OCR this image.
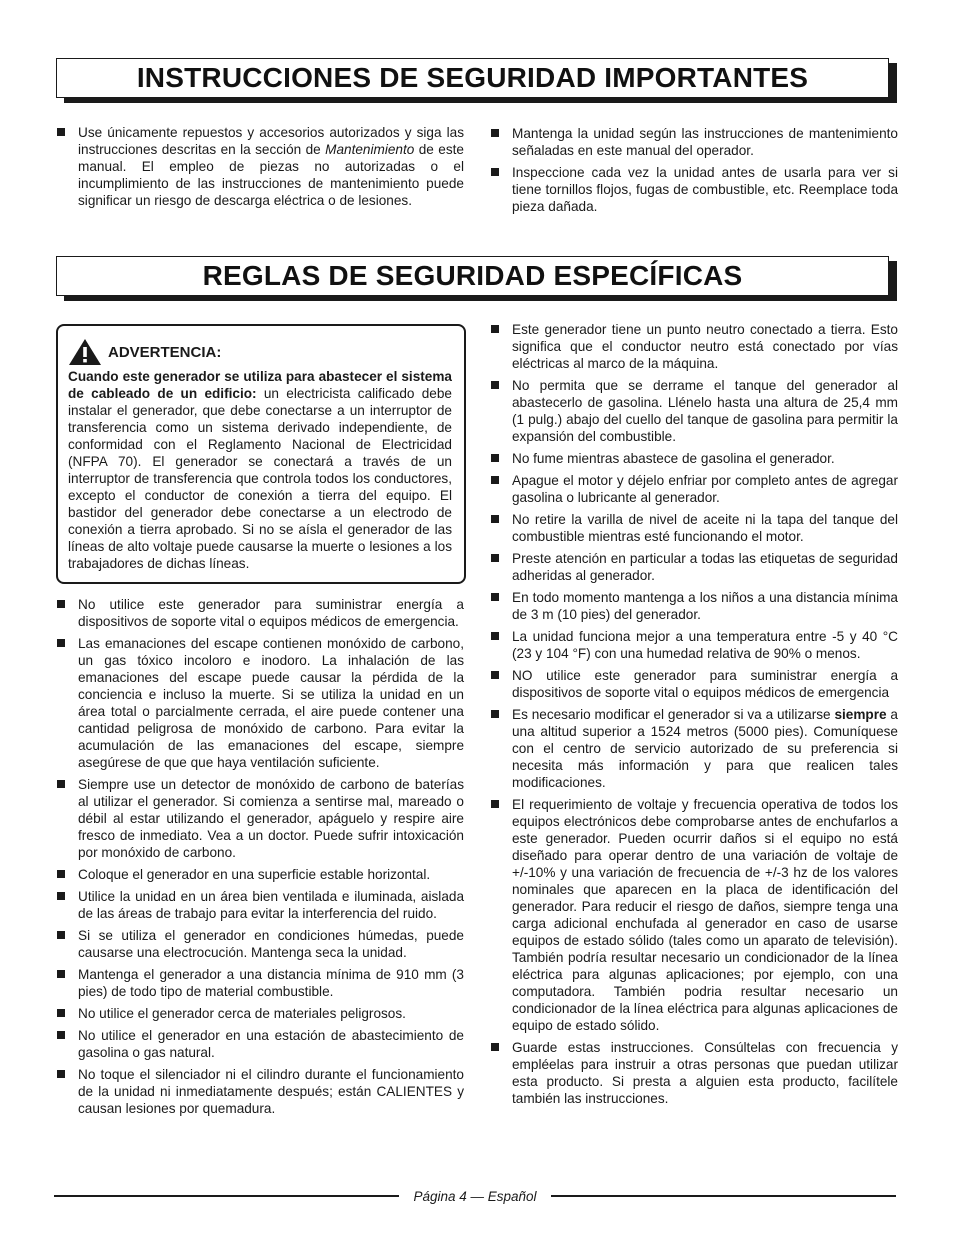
INSTRUCCIONES DE SEGURIDAD IMPORTANTES
Use únicamente repuestos y accesorios autorizados y siga las instrucciones descritas en la sección de Mantenimiento de este manual. El empleo de piezas no autorizadas o el incumplimiento de las instrucciones de mantenimiento puede significar un riesgo de descarga eléctrica o de lesiones.
Mantenga la unidad según las instrucciones de mantenimiento señaladas en este manual del operador.
Inspeccione cada vez la unidad antes de usarla para ver si tiene tornillos flojos, fugas de combustible, etc. Reemplace toda pieza dañada.
REGLAS DE SEGURIDAD ESPECÍFICAS
ADVERTENCIA:
Cuando este generador se utiliza para abastecer el sistema de cableado de un edificio: un electricista calificado debe instalar el generador, que debe conectarse a un interruptor de transferencia como un sistema derivado independiente, de conformidad con el Reglamento Nacional de Electricidad (NFPA 70). El generador se conectará a través de un interruptor de transferencia que controla todos los conductores, excepto el conductor de conexión a tierra del equipo. El bastidor del generador debe conectarse a un electrodo de conexión a tierra aprobado. Si no se aísla el generador de las líneas de alto voltaje puede causarse la muerte o lesiones a los trabajadores de dichas líneas.
No utilice este generador para suministrar energía a dispositivos de soporte vital o equipos médicos de emergencia.
Las emanaciones del escape contienen monóxido de carbono, un gas tóxico incoloro e inodoro. La inhalación de las emanaciones del escape puede causar la pérdida de la conciencia e incluso la muerte. Si se utiliza la unidad en un área total o parcialmente cerrada, el aire puede contener una cantidad peligrosa de monóxido de carbono. Para evitar la acumulación de las emanaciones del escape, siempre asegúrese de que que haya ventilación suficiente.
Siempre use un detector de monóxido de carbono de baterías al utilizar el generador. Si comienza a sentirse mal, mareado o débil al estar utilizando el generador, apáguelo y respire aire fresco de inmediato. Vea a un doctor. Puede sufrir intoxicación por monóxido de carbono.
Coloque el generador en una superficie estable horizontal.
Utilice la unidad en un área bien ventilada e iluminada, aislada de las áreas de trabajo para evitar la interferencia del ruido.
Si se utiliza el generador en condiciones húmedas, puede causarse una electrocución. Mantenga seca la unidad.
Mantenga el generador a una distancia mínima de 910 mm (3 pies) de todo tipo de material combustible.
No utilice el generador cerca de materiales peligrosos.
No utilice el generador en una estación de abastecimiento de gasolina o gas natural.
No toque el silenciador ni el cilindro durante el funcionamiento de la unidad ni inmediatamente después; están CALIENTES y causan lesiones por quemadura.
Este generador tiene un punto neutro conectado a tierra. Esto significa que el conductor neutro está conectado por vías eléctricas al marco de la máquina.
No permita que se derrame el tanque del generador al abastecerlo de gasolina. Llénelo hasta una altura de 25,4 mm (1 pulg.) abajo del cuello del tanque de gasolina para permitir la expansión del combustible.
No fume mientras abastece de gasolina el generador.
Apague el motor y déjelo enfriar por completo antes de agregar gasolina o lubricante al generador.
No retire la varilla de nivel de aceite ni la tapa del tanque del combustible mientras esté funcionando el motor.
Preste atención en particular a todas las etiquetas de seguridad adheridas al generador.
En todo momento mantenga a los niños a una distancia mínima de 3 m (10 pies) del generador.
La unidad funciona mejor a una temperatura entre -5 y 40 °C (23 y 104 °F) con una humedad relativa de 90% o menos.
NO utilice este generador para suministrar energía a dispositivos de soporte vital o equipos médicos de emergencia
Es necesario modificar el generador si va a utilizarse siempre a una altitud superior a 1524 metros (5000 pies). Comuníquese con el centro de servicio autorizado de su preferencia si necesita más información y para que realicen tales modificaciones.
El requerimiento de voltaje y frecuencia operativa de todos los equipos electrónicos debe comprobarse antes de enchufarlos a este generador. Pueden ocurrir daños si el equipo no está diseñado para operar dentro de una variación de voltaje de +/-10% y una variación de frecuencia de +/-3 hz de los valores nominales que aparecen en la placa de identificación del generador. Para reducir el riesgo de daños, siempre tenga una carga adicional enchufada al generador en caso de usarse equipos de estado sólido (tales como un aparato de televisión). También podría resultar necesario un condicionador de la línea eléctrica para algunas aplicaciones; por ejemplo, con una computadora. También podria resultar necesario un condicionador de la línea eléctrica para algunas aplicaciones de equipo de estado sólido.
Guarde estas instrucciones. Consúltelas con frecuencia y empléelas para instruir a otras personas que puedan utilizar esta producto. Si presta a alguien esta producto, facilítele también las instrucciones.
Página 4 — Español
